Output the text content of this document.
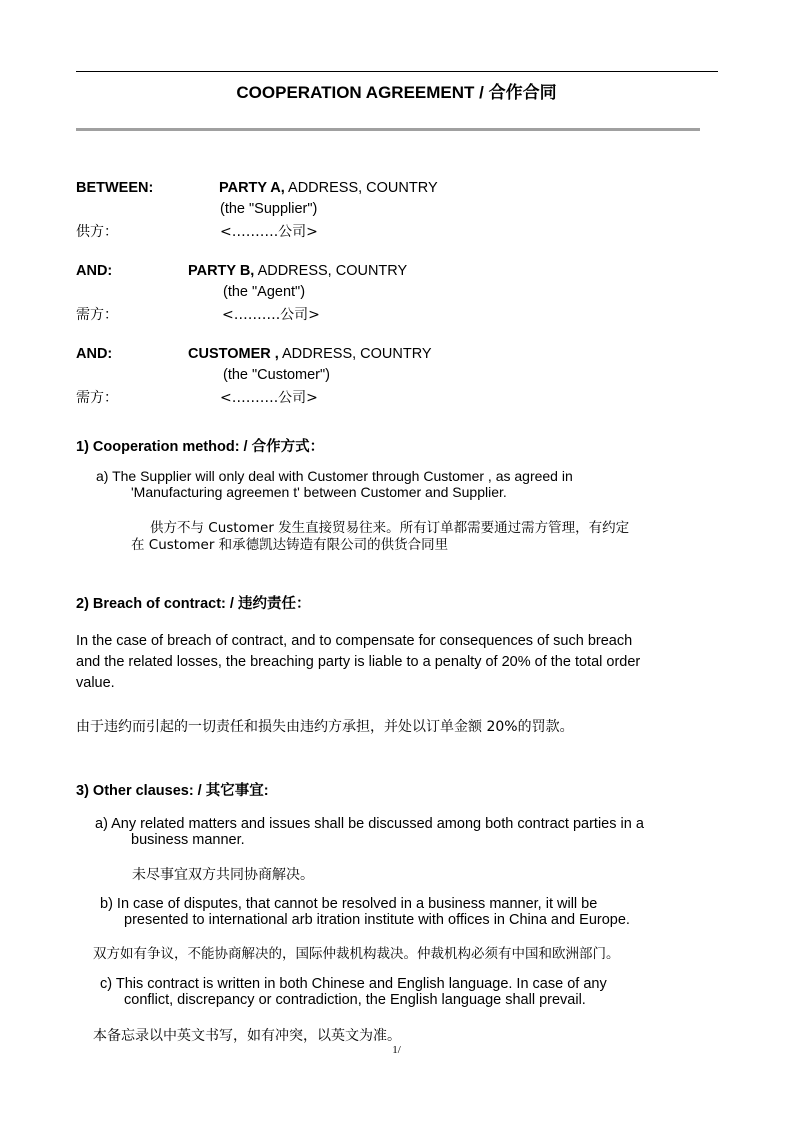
COOPERATION AGREEMENT / 合作合同
BETWEEN:	PARTY A, ADDRESS, COUNTRY
(the "Supplier")
供方：	<……….公司>
AND:	PARTY B, ADDRESS, COUNTRY
(the "Agent")
需方：	<……….公司>
AND:	CUSTOMER , ADDRESS, COUNTRY
(the "Customer")
需方：	<……….公司>
1) Cooperation method: / 合作方式：
a) The Supplier will only deal with Customer through Customer , as agreed in
'Manufacturing agreemen t' between Customer and Supplier.
供方不与 Customer 发生直接贸易往来。所有订单都需要通过需方管理，有约定
在 Customer 和承德凯达铸造有限公司的供货合同里
2) Breach of contract: / 违约责任：
In the case of breach of contract, and to compensate for consequences of such breach
and the related losses, the breaching party is liable to a penalty of 20% of the total order
value.
由于违约而引起的一切责任和损失由违约方承担，并处以订单金额 20%的罚款。
3) Other clauses: / 其它事宜:
a) Any related matters and issues shall be discussed among both contract parties in a
business manner.
未尽事宜双方共同协商解决。
b) In case of disputes, that cannot be resolved in a business manner, it will be
presented to international arb itration institute with offices in China and Europe.
双方如有争议，不能协商解决的，国际仲裁机构裁决。仲裁机构必须有中国和欧洲部门。
c) This contract is written in both Chinese and English language. In case of any
conflict, discrepancy or contradiction, the English language shall prevail.
本备忘录以中英文书写，如有冲突，以英文为准。
1/
